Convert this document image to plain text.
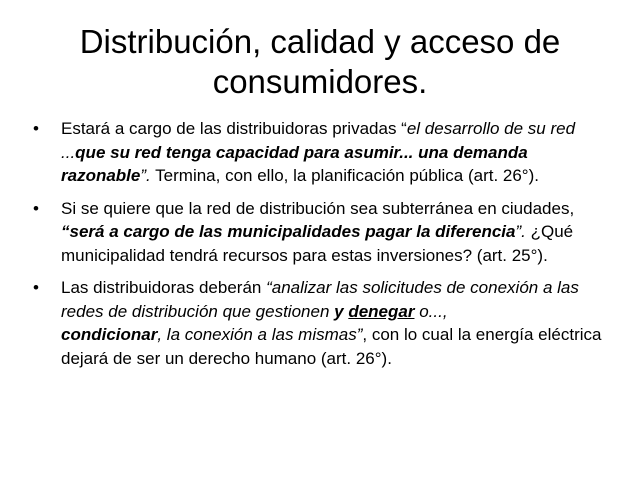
Distribución, calidad y acceso de
consumidores.
• Estará a cargo de las distribuidoras privadas “el desarrollo de su red ...que su red tenga capacidad para asumir... una demanda razonable”. Termina, con ello, la planificación pública (art. 26°).
• Si se quiere que la red de distribución sea subterránea en ciudades, “será a cargo de las municipalidades pagar la diferencia”. ¿Qué municipalidad tendrá recursos para estas inversiones? (art. 25°).
• Las distribuidoras deberán “analizar las solicitudes de conexión a las redes de distribución que gestionen y denegar o...,
condicionar, la conexión a las mismas”, con lo cual la energía eléctrica dejará de ser un derecho humano (art. 26°).
